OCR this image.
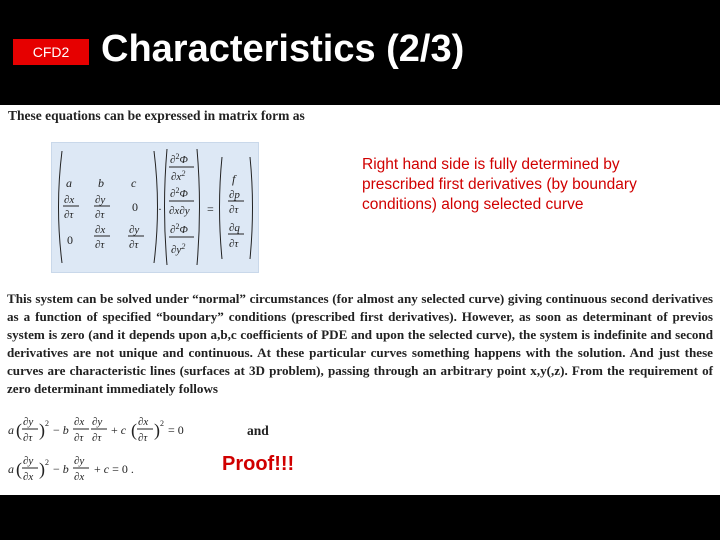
CFD2 Characteristics (2/3)
These equations can be expressed in matrix form as
a b c
∂x
∂τ
∂y
∂τ
0
0
∂x
∂τ
∂y
∂τ
·
∂$^2$Φ
$\partial x^2$
∂$^2$Φ
∂x∂y
∂$^2$Φ
$\partial y^2$
=
f
∂p
∂τ
∂q
∂τ
Right hand side is fully determined by prescribed first derivatives (by boundary conditions) along selected curve
This system can be solved under “normal” circumstances (for almost any selected curve) giving continuous second derivatives as a function of specified “boundary” conditions (prescribed first derivatives). However, as soon as determinant of previos system is zero (and it depends upon a,b,c coefficients of PDE and upon the selected curve), the system is indefinite and second derivatives are not unique and continuous. At these particular curves something happens with the solution. And just these curves are characteristic lines (surfaces at 3D problem), passing through an arbitrary point x,y(,z). From the requirement of zero determinant immediately follows
a ( ∂y
∂τ ) 2 − b
∂x
∂τ
∂y
∂τ
+ c ( ∂x
∂τ ) 2 = 0	and
a ( ∂y
∂x ) 2 − b
∂y
∂x
+ c = 0 .	Proof!!!
